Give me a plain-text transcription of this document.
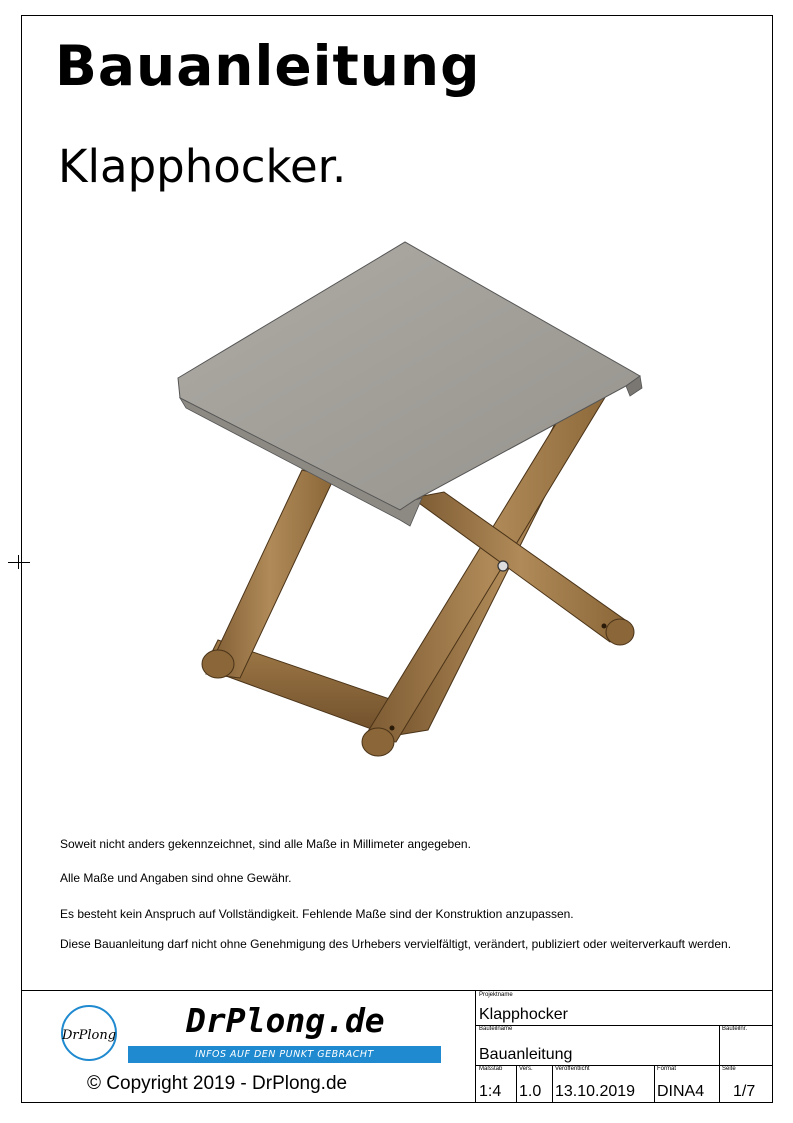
Bauanleitung
Klapphocker.
Soweit nicht anders gekennzeichnet, sind alle Maße in Millimeter angegeben.
Alle Maße und Angaben sind ohne Gewähr.
Es besteht kein Anspruch auf Vollständigkeit. Fehlende Maße sind der Konstruktion anzupassen.
Diese Bauanleitung darf nicht ohne Genehmigung des Urhebers vervielfältigt, verändert, publiziert oder weiterverkauft werden.
DrPlong DrPlong.de
INFOS AUF DEN PUNKT GEBRACHT
© Copyright 2019 - DrPlong.de
Projektname
Klapphocker
Bauteilname
Bauanleitung
Bauteilnr.
Maßstab
1:4
Vers.
1.0
Veröffentlicht
13.10.2019
Format
DINA4
Seite
1/7
